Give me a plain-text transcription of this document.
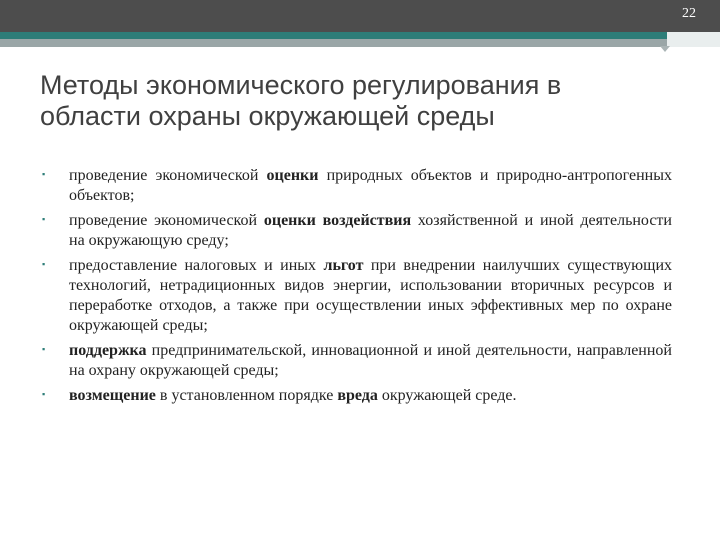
22
Методы экономического регулирования в области охраны окружающей среды
▪ проведение экономической оценки природных объектов и природно-антропогенных объектов;
▪ проведение экономической оценки воздействия хозяйственной и иной деятельности на окружающую среду;
▪ предоставление налоговых и иных льгот при внедрении наилучших существующих технологий, нетрадиционных видов энергии, использовании вторичных ресурсов и переработке отходов, а также при осуществлении иных эффективных мер по охране окружающей среды;
▪ поддержка предпринимательской, инновационной и иной деятельности, направленной на охрану окружающей среды;
▪ возмещение в установленном порядке вреда окружающей среде.
